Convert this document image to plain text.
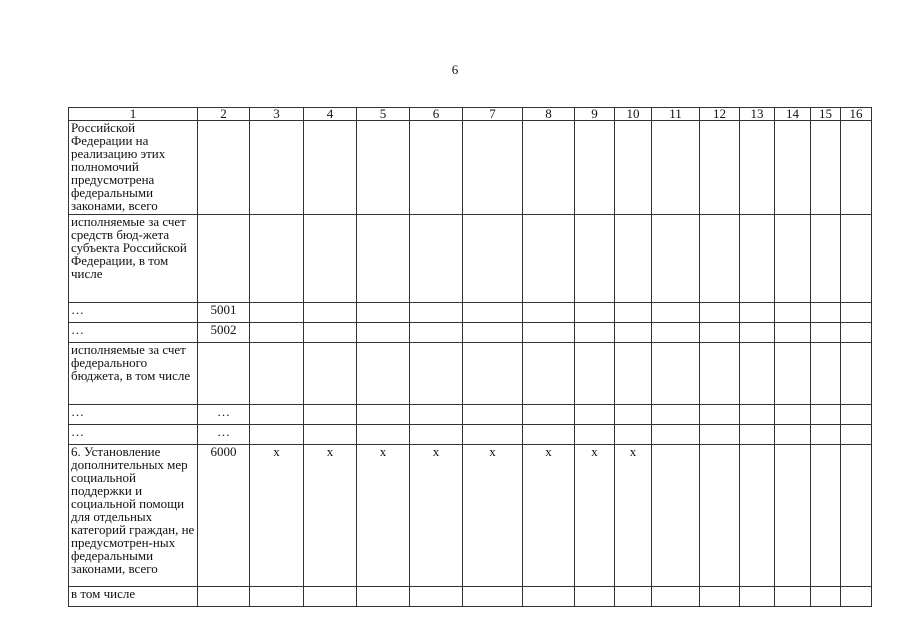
6
1	2	3	4	5	6	7	8	9	10	11	12	13	14	15	16
Российской Федерации на реализацию этих полномочий предусмотрена федеральными законами, всего															
исполняемые за счет средств бюд-жета субъекта Российской Федерации, в том числе															
…	5001														
…	5002														
исполняемые за счет федерального бюджета, в том числе															
…	…														
…	…														
6. Установление дополнительных мер социальной поддержки и социальной помощи для отдельных категорий граждан, не предусмотрен-ных федеральными законами, всего	6000	x	x	x	x	x	x	x	x						
в том числе															
